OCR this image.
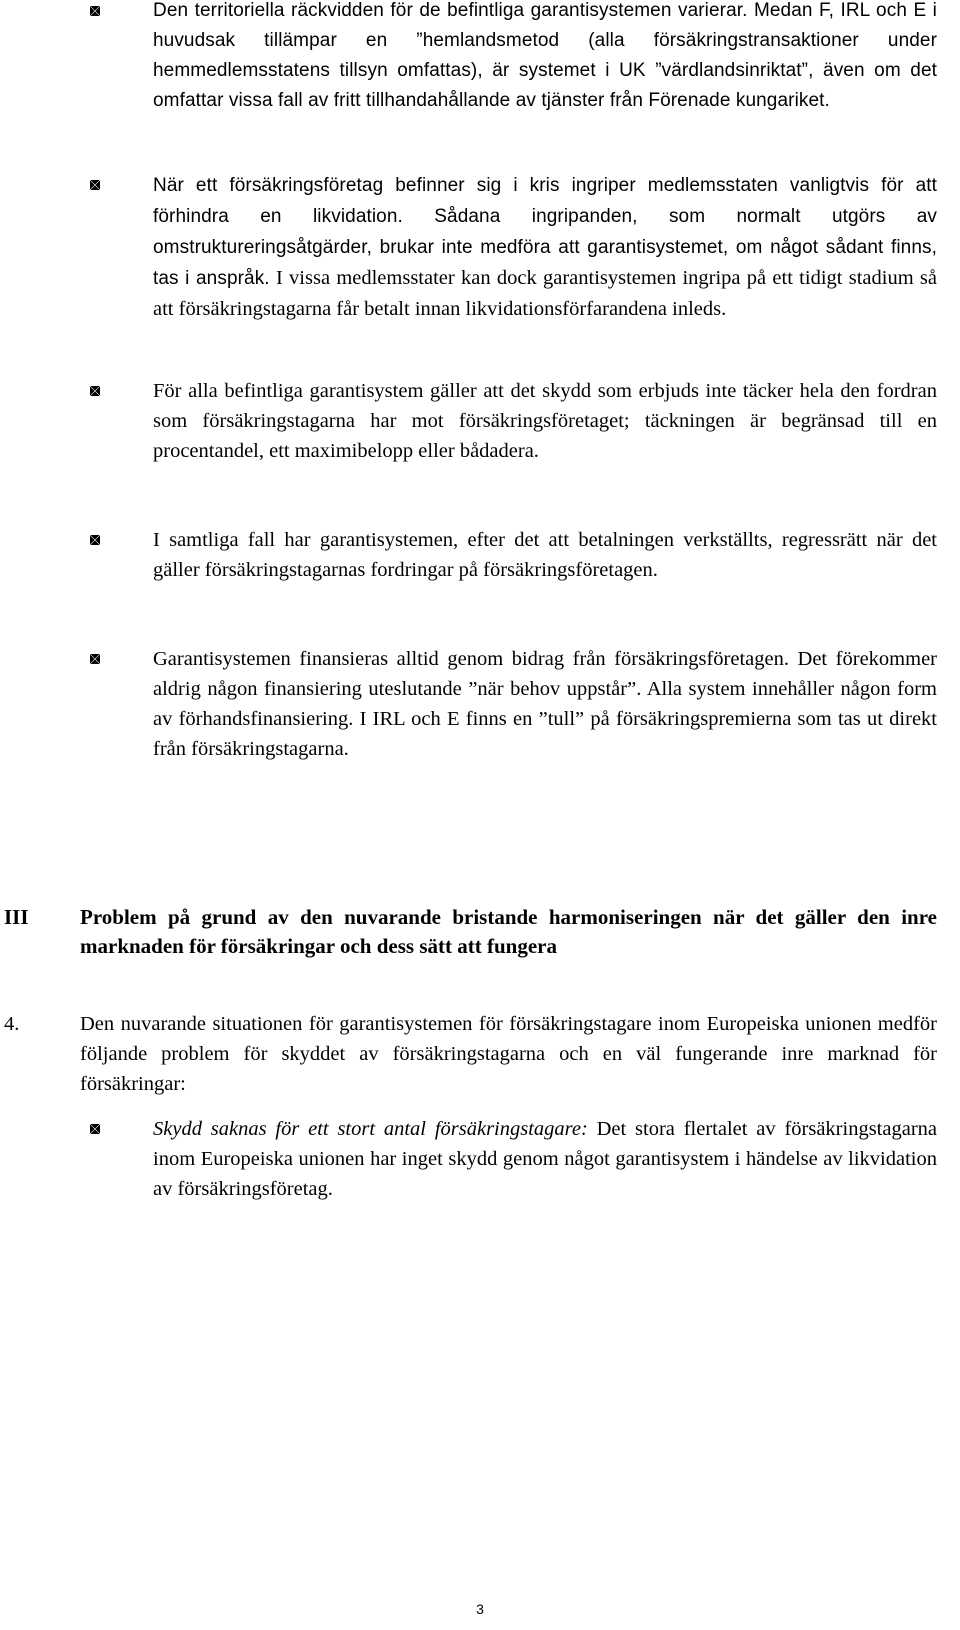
Den territoriella räckvidden för de befintliga garantisystemen varierar. Medan F, IRL och E i huvudsak tillämpar en ”hemlandsmetod (alla försäkringstransaktioner under hemmedlemsstatens tillsyn omfattas), är systemet i UK ”värdlandsinriktat”, även om det omfattar vissa fall av fritt tillhandahållande av tjänster från Förenade kungariket.
När ett försäkringsföretag befinner sig i kris ingriper medlemsstaten vanligtvis för att förhindra en likvidation. Sådana ingripanden, som normalt utgörs av omstruktureringsåtgärder, brukar inte medföra att garantisystemet, om något sådant finns, tas i anspråk. I vissa medlemsstater kan dock garantisystemen ingripa på ett tidigt stadium så att försäkringstagarna får betalt innan likvidationsförfarandena inleds.
För alla befintliga garantisystem gäller att det skydd som erbjuds inte täcker hela den fordran som försäkringstagarna har mot försäkringsföretaget; täckningen är begränsad till en procentandel, ett maximibelopp eller bådadera.
I samtliga fall har garantisystemen, efter det att betalningen verkställts, regressrätt när det gäller försäkringstagarnas fordringar på försäkringsföretagen.
Garantisystemen finansieras alltid genom bidrag från försäkringsföretagen. Det förekommer aldrig någon finansiering uteslutande ”när behov uppstår”. Alla system innehåller någon form av förhandsfinansiering. I IRL och E finns en ”tull” på försäkringspremierna som tas ut direkt från försäkringstagarna.
III Problem på grund av den nuvarande bristande harmoniseringen när det gäller den inre marknaden för försäkringar och dess sätt att fungera
4.	Den nuvarande situationen för garantisystemen för försäkringstagare inom Europeiska unionen medför följande problem för skyddet av försäkringstagarna och en väl fungerande inre marknad för försäkringar:
Skydd saknas för ett stort antal försäkringstagare: Det stora flertalet av försäkringstagarna inom Europeiska unionen har inget skydd genom något garantisystem i händelse av likvidation av försäkringsföretag.
3
